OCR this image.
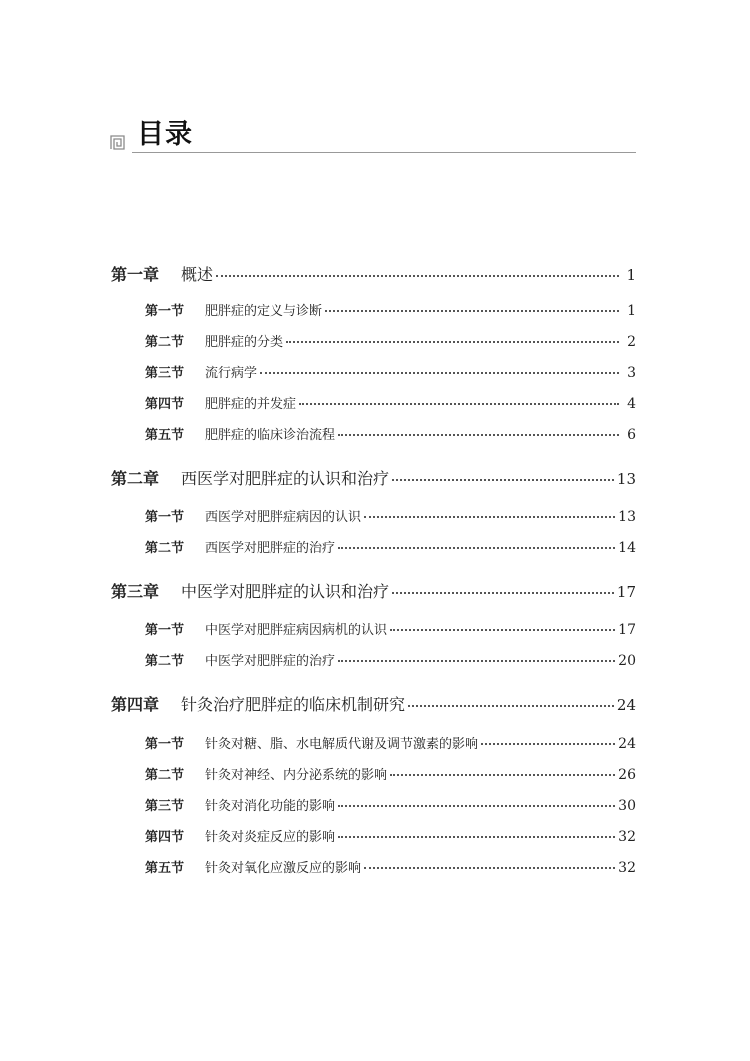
目录
第一章	概述	1
第一节	肥胖症的定义与诊断	1
第二节	肥胖症的分类	2
第三节	流行病学	3
第四节	肥胖症的并发症	4
第五节	肥胖症的临床诊治流程	6
第二章	西医学对肥胖症的认识和治疗	13
第一节	西医学对肥胖症病因的认识	13
第二节	西医学对肥胖症的治疗	14
第三章	中医学对肥胖症的认识和治疗	17
第一节	中医学对肥胖症病因病机的认识	17
第二节	中医学对肥胖症的治疗	20
第四章	针灸治疗肥胖症的临床机制研究	24
第一节	针灸对糖、脂、水电解质代谢及调节激素的影响	24
第二节	针灸对神经、内分泌系统的影响	26
第三节	针灸对消化功能的影响	30
第四节	针灸对炎症反应的影响	32
第五节	针灸对氧化应激反应的影响	32
